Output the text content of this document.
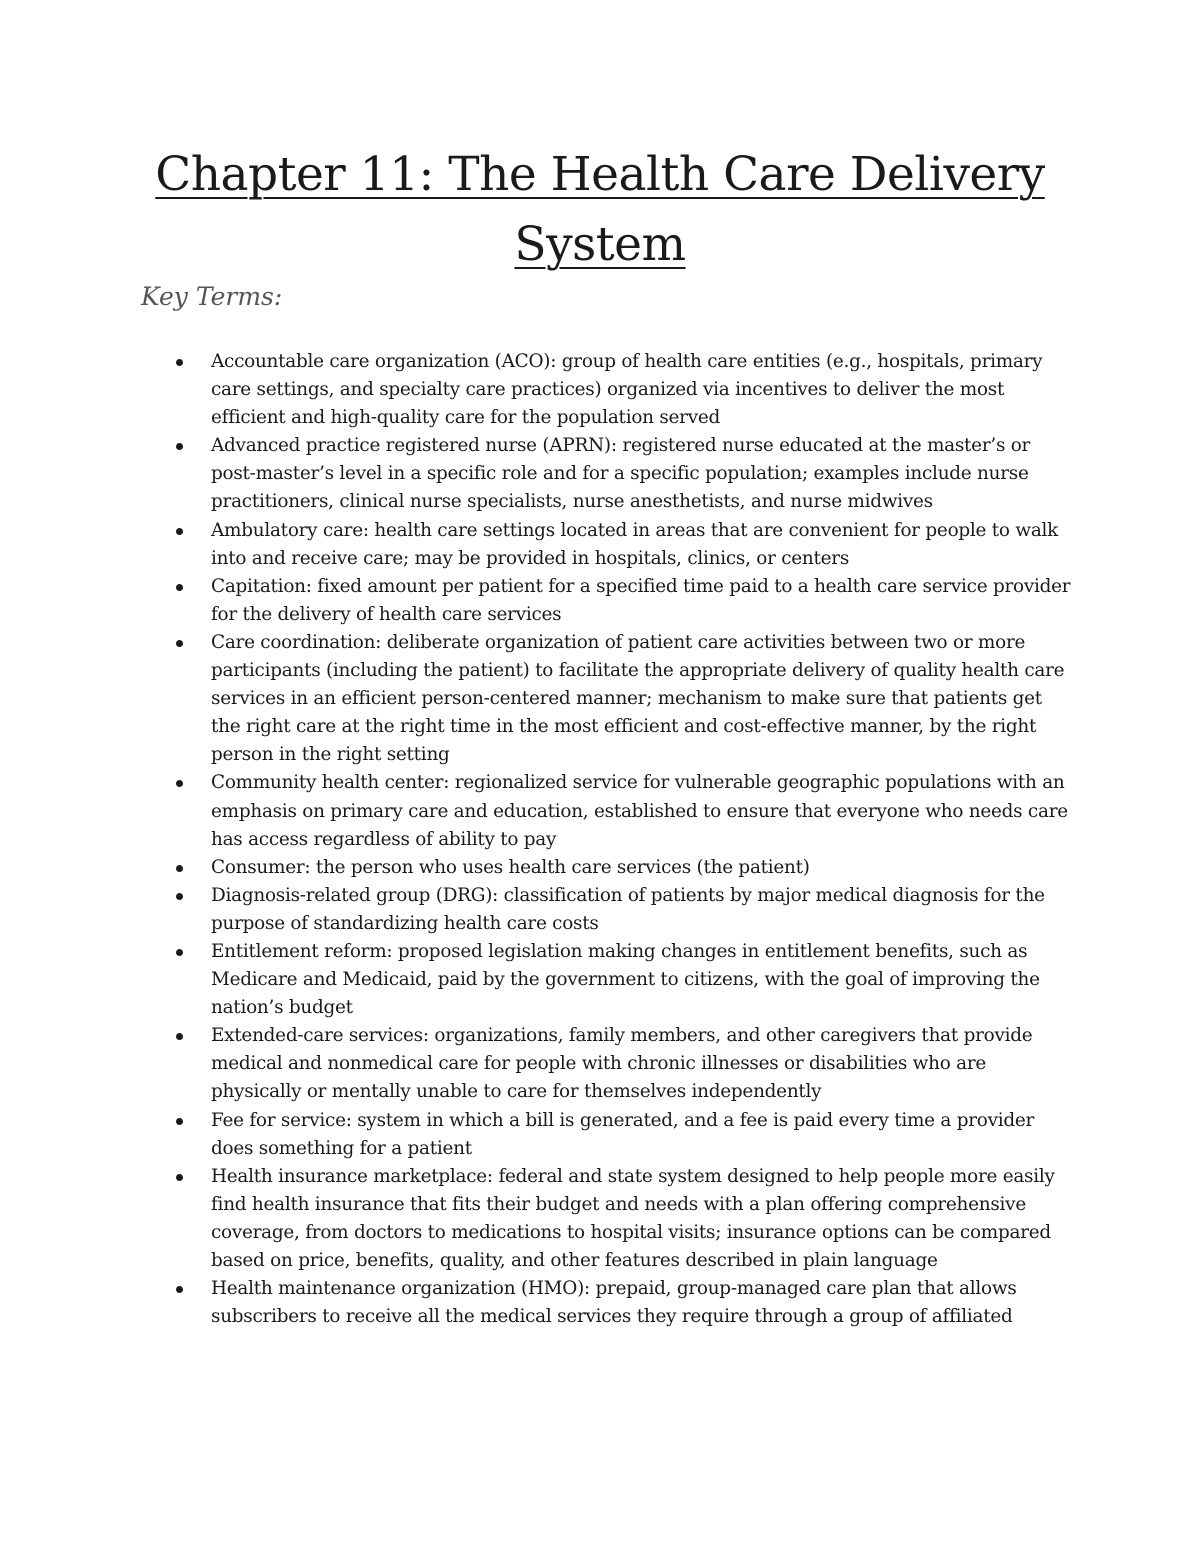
Chapter 11: The Health Care Delivery System

Key Terms:

Accountable care organization (ACO): group of health care entities (e.g., hospitals, primary care settings, and specialty care practices) organized via incentives to deliver the most efficient and high-quality care for the population served
Advanced practice registered nurse (APRN): registered nurse educated at the master’s or post-master’s level in a specific role and for a specific population; examples include nurse practitioners, clinical nurse specialists, nurse anesthetists, and nurse midwives
Ambulatory care: health care settings located in areas that are convenient for people to walk into and receive care; may be provided in hospitals, clinics, or centers
Capitation: fixed amount per patient for a specified time paid to a health care service provider for the delivery of health care services
Care coordination: deliberate organization of patient care activities between two or more participants (including the patient) to facilitate the appropriate delivery of quality health care services in an efficient person-centered manner; mechanism to make sure that patients get the right care at the right time in the most efficient and cost-effective manner, by the right person in the right setting
Community health center: regionalized service for vulnerable geographic populations with an emphasis on primary care and education, established to ensure that everyone who needs care has access regardless of ability to pay
Consumer: the person who uses health care services (the patient)
Diagnosis-related group (DRG): classification of patients by major medical diagnosis for the purpose of standardizing health care costs
Entitlement reform: proposed legislation making changes in entitlement benefits, such as Medicare and Medicaid, paid by the government to citizens, with the goal of improving the nation’s budget
Extended-care services: organizations, family members, and other caregivers that provide medical and nonmedical care for people with chronic illnesses or disabilities who are physically or mentally unable to care for themselves independently
Fee for service: system in which a bill is generated, and a fee is paid every time a provider does something for a patient
Health insurance marketplace: federal and state system designed to help people more easily find health insurance that fits their budget and needs with a plan offering comprehensive coverage, from doctors to medications to hospital visits; insurance options can be compared based on price, benefits, quality, and other features described in plain language
Health maintenance organization (HMO): prepaid, group-managed care plan that allows subscribers to receive all the medical services they require through a group of affiliated
